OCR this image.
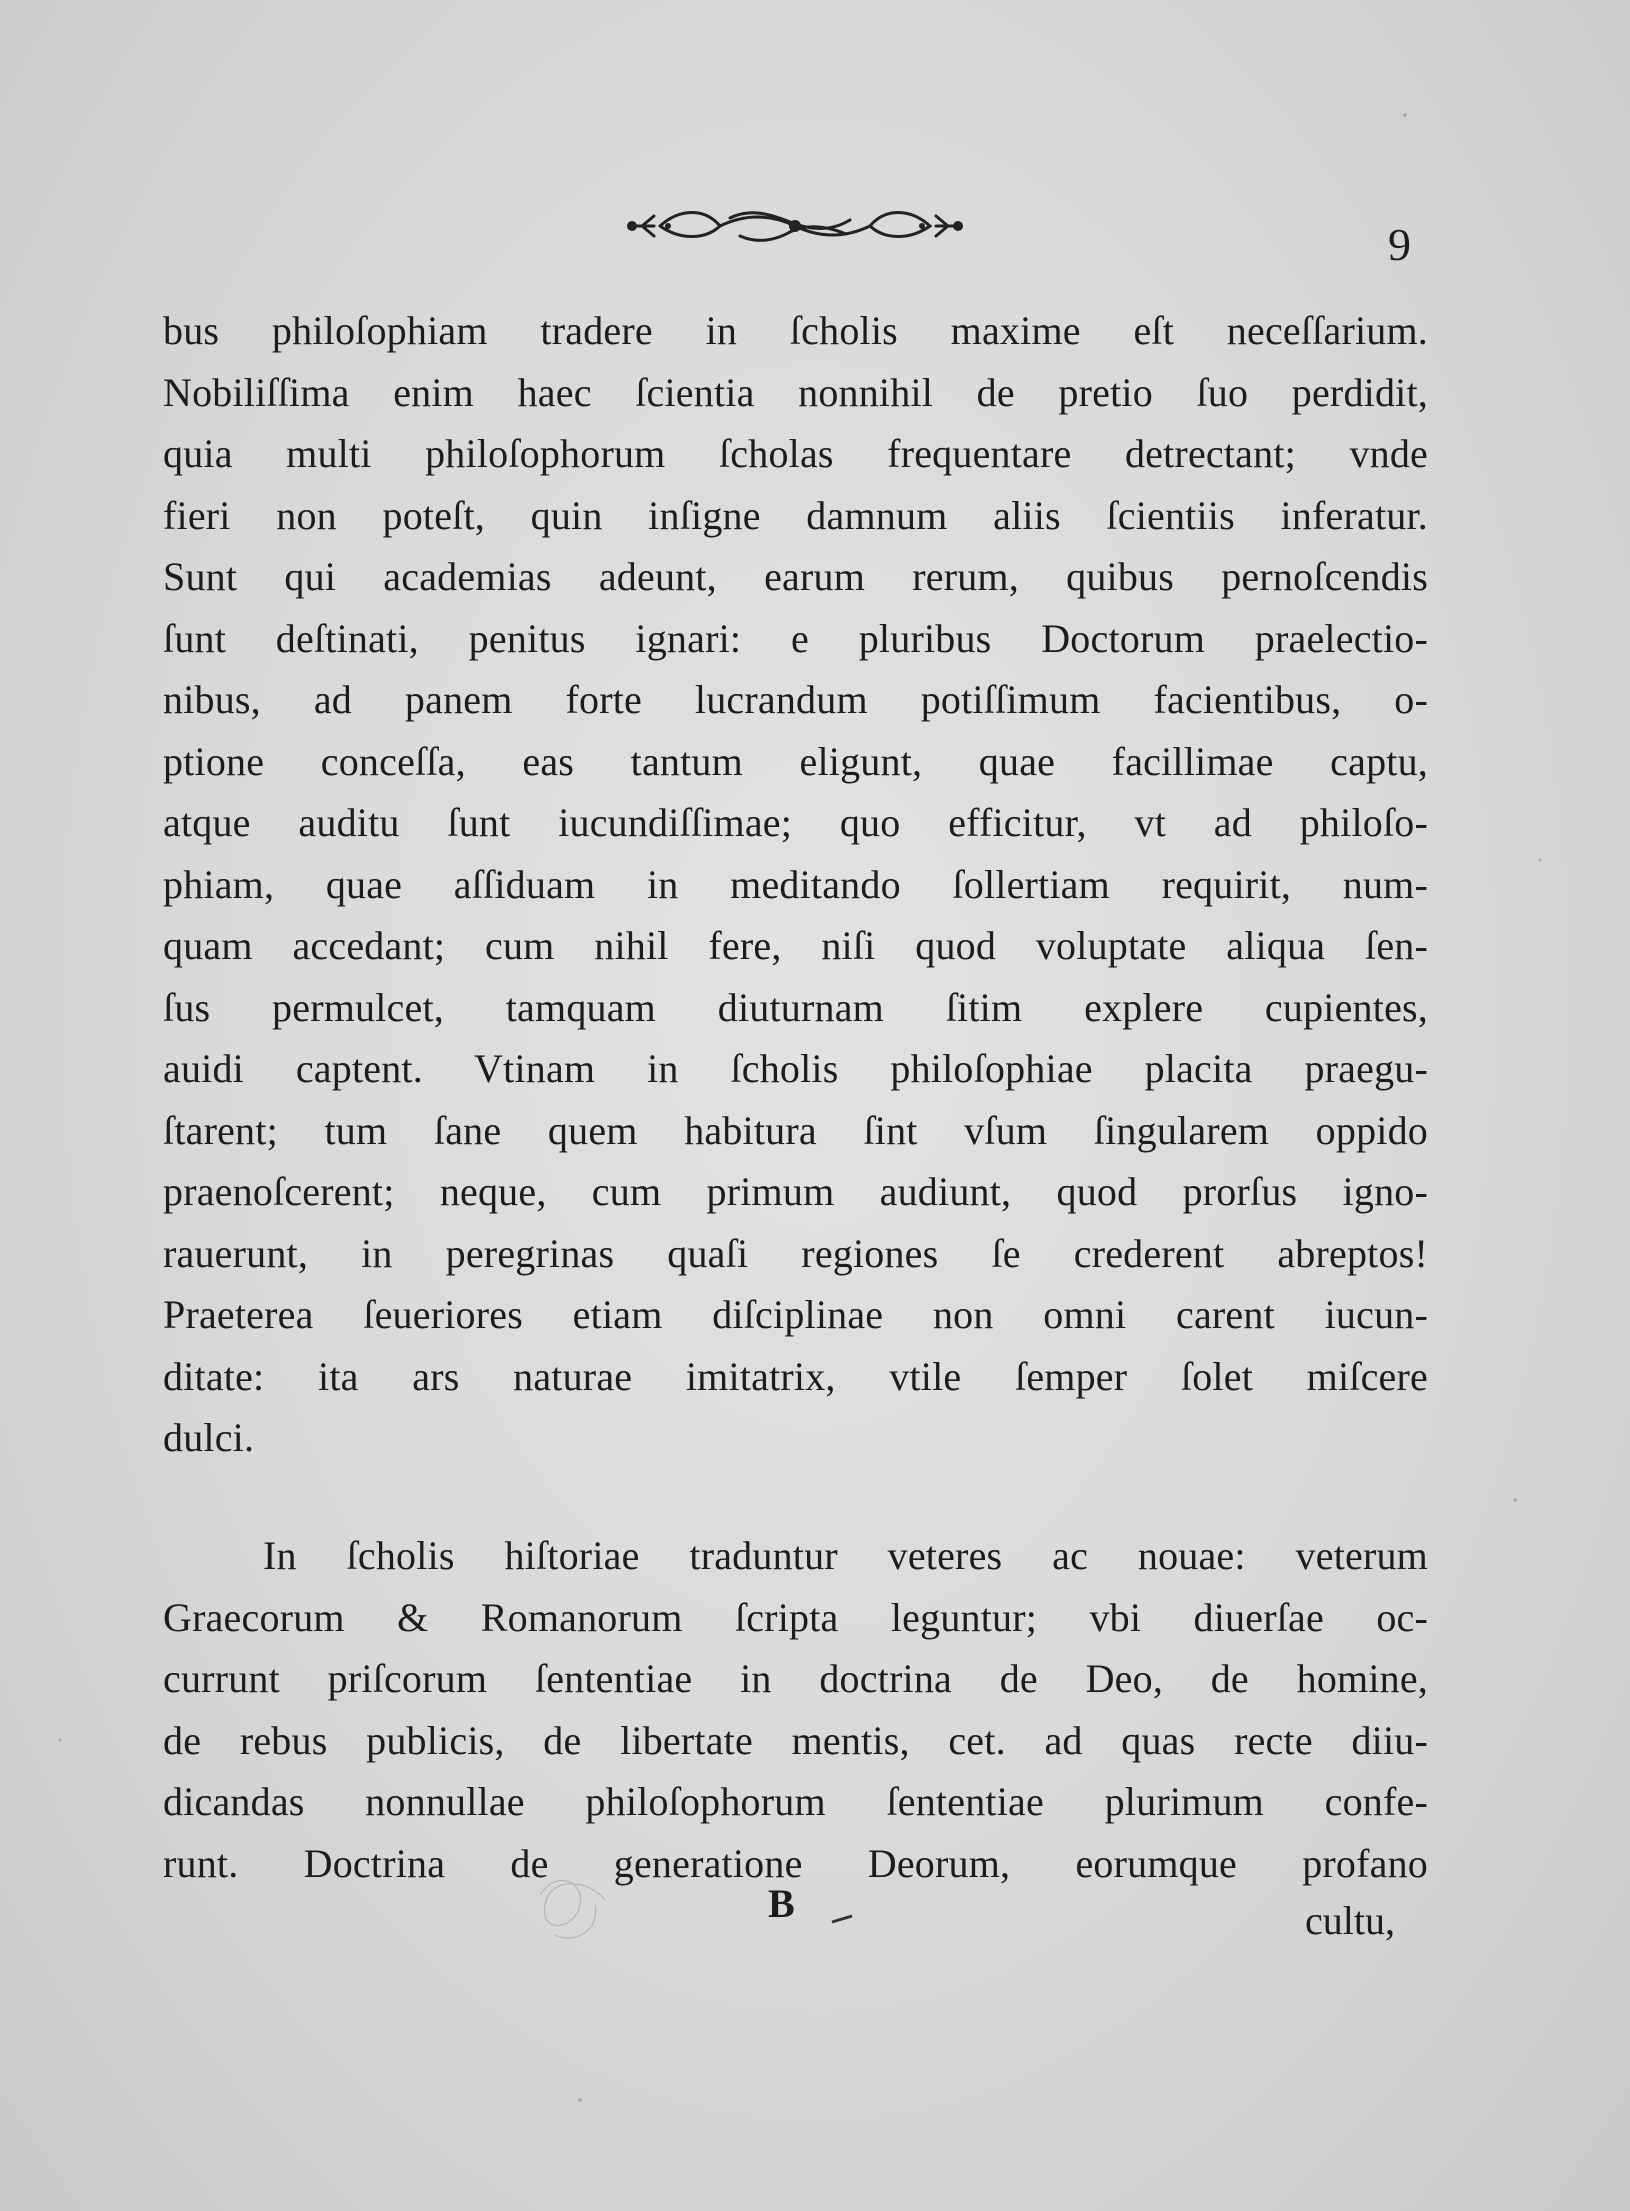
9
bus philoſophiam tradere in ſcholis maxime eſt neceſſarium.
Nobiliſſima enim haec ſcientia nonnihil de pretio ſuo perdidit,
quia multi philoſophorum ſcholas frequentare detrectant; vnde
fieri non poteſt, quin inſigne damnum aliis ſcientiis inferatur.
Sunt qui academias adeunt, earum rerum, quibus pernoſcendis
ſunt deſtinati, penitus ignari: e pluribus Doctorum praelectio-
nibus, ad panem forte lucrandum potiſſimum facientibus, o-
ptione conceſſa, eas tantum eligunt, quae facillimae captu,
atque auditu ſunt iucundiſſimae; quo efficitur, vt ad philoſo-
phiam, quae aſſiduam in meditando ſollertiam requirit, num-
quam accedant; cum nihil fere, niſi quod voluptate aliqua ſen-
ſus permulcet, tamquam diuturnam ſitim explere cupientes,
auidi captent. Vtinam in ſcholis philoſophiae placita praegu-
ſtarent; tum ſane quem habitura ſint vſum ſingularem oppido
praenoſcerent; neque, cum primum audiunt, quod prorſus igno-
rauerunt, in peregrinas quaſi regiones ſe crederent abreptos!
Praeterea ſeueriores etiam diſciplinae non omni carent iucun-
ditate: ita ars naturae imitatrix, vtile ſemper ſolet miſcere
dulci.
In ſcholis hiſtoriae traduntur veteres ac nouae: veterum
Graecorum & Romanorum ſcripta leguntur; vbi diuerſae oc-
currunt priſcorum ſententiae in doctrina de Deo, de homine,
de rebus publicis, de libertate mentis, cet. ad quas recte diiu-
dicandas nonnullae philoſophorum ſententiae plurimum confe-
runt. Doctrina de generatione Deorum, eorumque profano
B	cultu,
